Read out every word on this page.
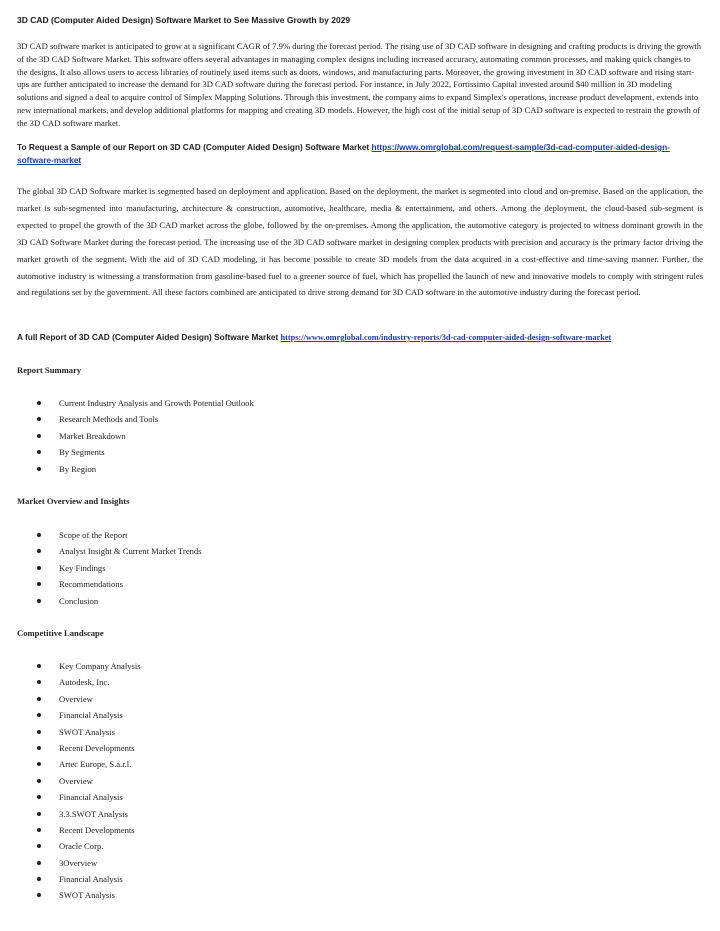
3D CAD (Computer Aided Design) Software Market to See Massive Growth by 2029

3D CAD software market is anticipated to grow at a significant CAGR of 7.9% during the forecast period. The rising use of 3D CAD software in designing and crafting products is driving the growth of the 3D CAD Software Market. This software offers several advantages in managing complex designs including increased accuracy, automating common processes, and making quick changes to the designs. It also allows users to access libraries of routinely used items such as doors, windows, and manufacturing parts. Moreover, the growing investment in 3D CAD software and rising start-ups are further anticipated to increase the demand for 3D CAD software during the forecast period. For instance, in July 2022, Fortissimo Capital invested around $40 million in 3D modeling solutions and signed a deal to acquire control of Simplex Mapping Solutions. Through this investment, the company aims to expand Simplex's operations, increase product development, extends into new international markets, and develop additional platforms for mapping and creating 3D models. However, the high cost of the initial setup of 3D CAD software is expected to restrain the growth of the 3D CAD software market.

To Request a Sample of our Report on 3D CAD (Computer Aided Design) Software Market https://www.omrglobal.com/request-sample/3d-cad-computer-aided-design-software-market

The global 3D CAD Software market is segmented based on deployment and application. Based on the deployment, the market is segmented into cloud and on-premise. Based on the application, the market is sub-segmented into manufacturing, architecture & construction, automotive, healthcare, media & entertainment, and others. Among the deployment, the cloud-based sub-segment is expected to propel the growth of the 3D CAD market across the globe, followed by the on-premises. Among the application, the automotive category is projected to witness dominant growth in the 3D CAD Software Market during the forecast period. The increasing use of the 3D CAD software market in designing complex products with precision and accuracy is the primary factor driving the market growth of the segment. With the aid of 3D CAD modeling, it has become possible to create 3D models from the data acquired in a cost-effective and time-saving manner. Further, the automotive industry is witnessing a transformation from gasoline-based fuel to a greener source of fuel, which has propelled the launch of new and innovative models to comply with stringent rules and regulations set by the government. All these factors combined are anticipated to drive strong demand for 3D CAD software in the automotive industry during the forecast period.

A full Report of 3D CAD (Computer Aided Design) Software Market https://www.omrglobal.com/industry-reports/3d-cad-computer-aided-design-software-market
Report Summary
Current Industry Analysis and Growth Potential Outlook
Research Methods and Tools
Market Breakdown
By Segments
By Region
Market Overview and Insights
Scope of the Report
Analyst Insight & Current Market Trends
Key Findings
Recommendations
Conclusion
Competitive Landscape
Key Company Analysis
Autodesk, Inc.
Overview
Financial Analysis
SWOT Analysis
Recent Developments
Artec Europe, S.a.r.l.
Overview
Financial Analysis
3.3.SWOT Analysis
Recent Developments
Oracle Corp.
3Overview
Financial Analysis
SWOT Analysis
